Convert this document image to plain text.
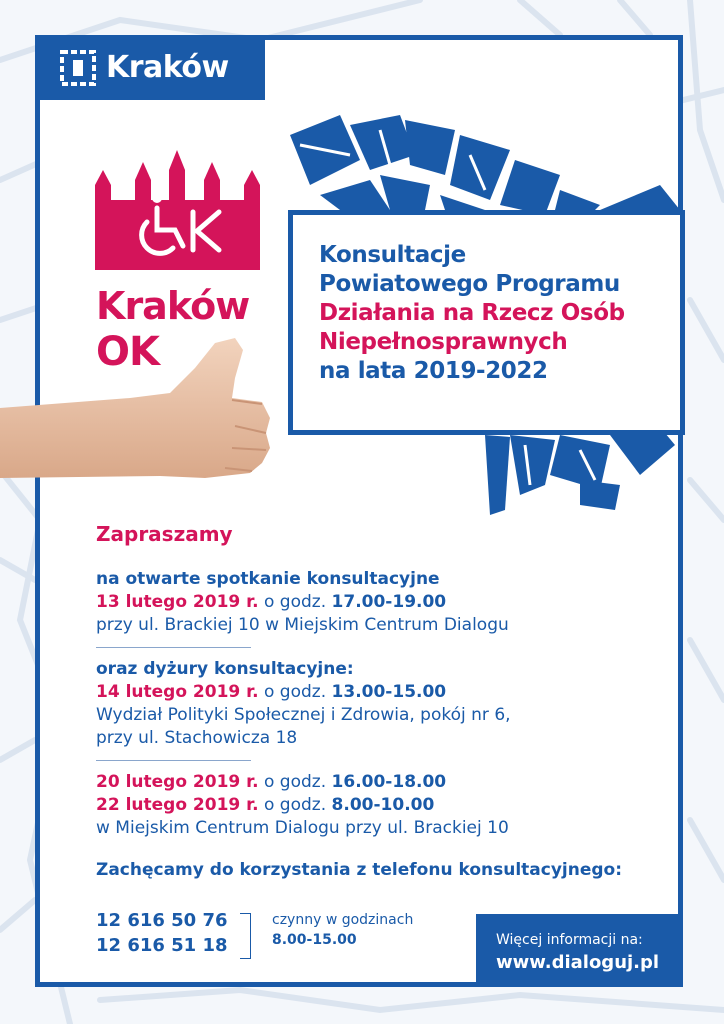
Kraków
Kraków
OK
Konsultacje
Powiatowego Programu
Działania na Rzecz Osób
Niepełnosprawnych
na lata 2019-2022
Zapraszamy
na otwarte spotkanie konsultacyjne
13 lutego 2019 r. o godz. 17.00-19.00
przy ul. Brackiej 10 w Miejskim Centrum Dialogu
oraz dyżury konsultacyjne:
14 lutego 2019 r. o godz. 13.00-15.00
Wydział Polityki Społecznej i Zdrowia, pokój nr 6,
przy ul. Stachowicza 18
20 lutego 2019 r. o godz. 16.00-18.00
22 lutego 2019 r. o godz. 8.00-10.00
w Miejskim Centrum Dialogu przy ul. Brackiej 10
Zachęcamy do korzystania z telefonu konsultacyjnego:
12 616 50 76
12 616 51 18
czynny w godzinach
8.00-15.00	Więcej informacji na:
www.dialoguj.pl
